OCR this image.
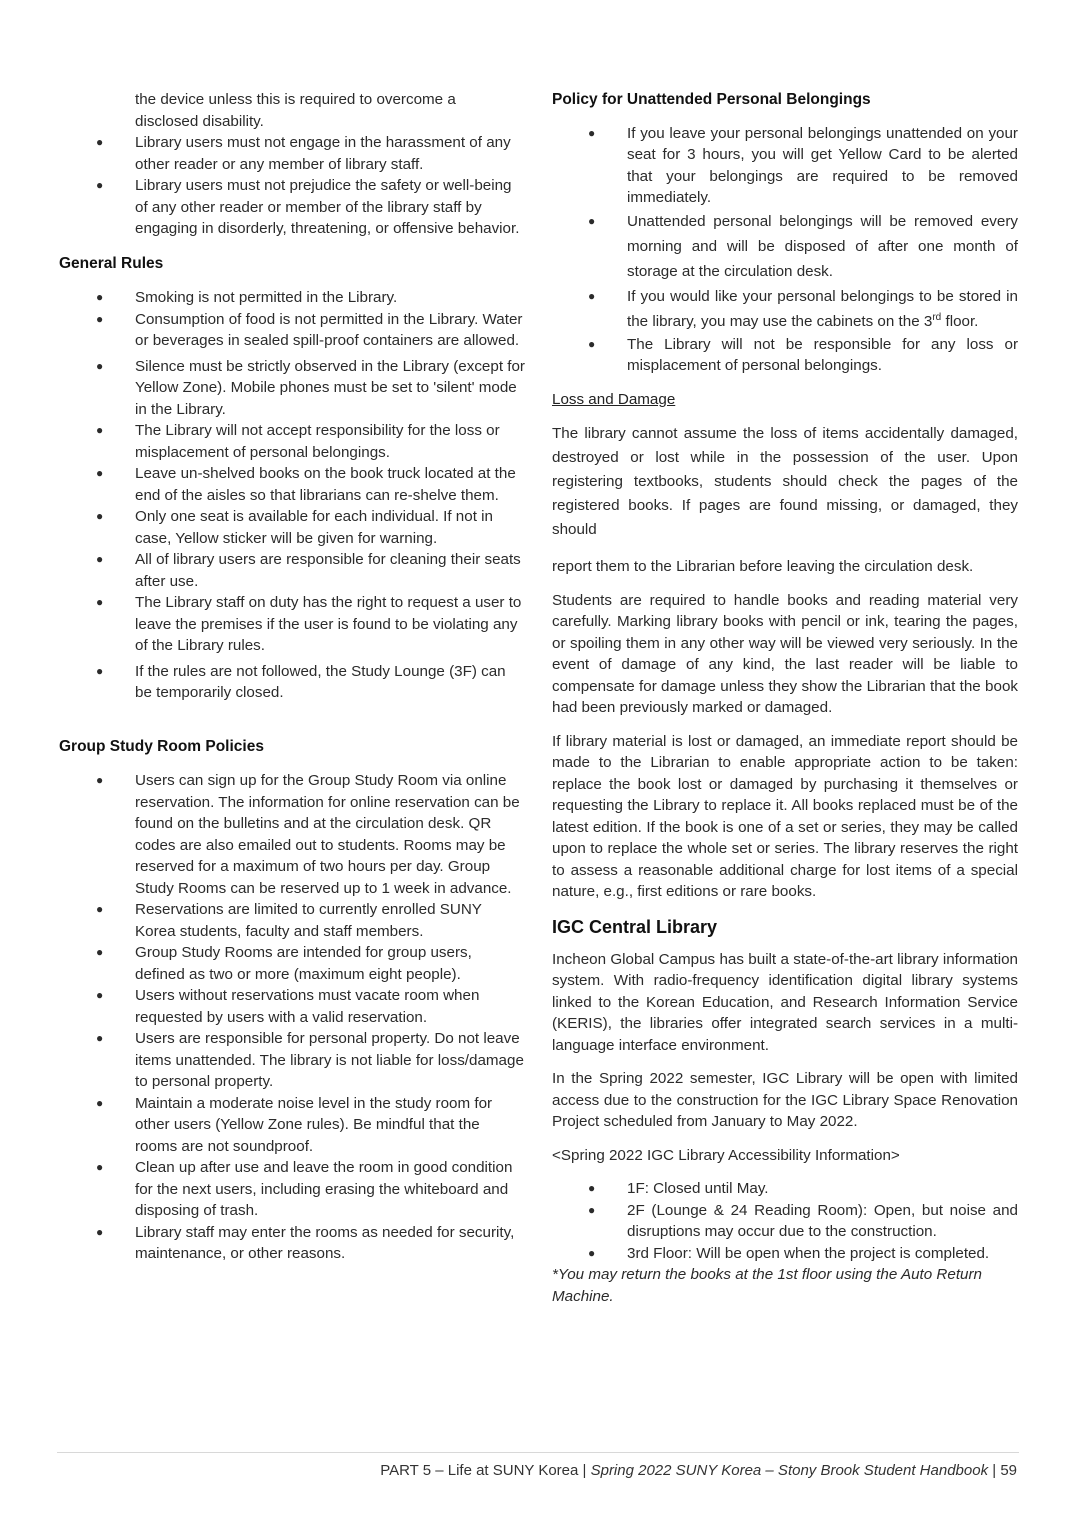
the device unless this is required to overcome a
disclosed disability.
● Library users must not engage in the harassment of any other reader or any member of library staff.
● Library users must not prejudice the safety or well-being of any other reader or member of the library staff by engaging in disorderly, threatening, or offensive behavior.
General Rules
● Smoking is not permitted in the Library.
● Consumption of food is not permitted in the Library. Water or beverages in sealed spill-proof containers are allowed.
● Silence must be strictly observed in the Library (except for Yellow Zone). Mobile phones must be set to 'silent' mode in the Library.
● The Library will not accept responsibility for the loss or misplacement of personal belongings.
● Leave un-shelved books on the book truck located at the end of the aisles so that librarians can re-shelve them.
● Only one seat is available for each individual. If not in case, Yellow sticker will be given for warning.
● All of library users are responsible for cleaning their seats after use.
● The Library staff on duty has the right to request a user to leave the premises if the user is found to be violating any of the Library rules.
● If the rules are not followed, the Study Lounge (3F) can be temporarily closed.
Group Study Room Policies
● Users can sign up for the Group Study Room via online reservation. The information for online reservation can be found on the bulletins and at the circulation desk. QR codes are also emailed out to students. Rooms may be reserved for a maximum of two hours per day. Group Study Rooms can be reserved up to 1 week in advance.
● Reservations are limited to currently enrolled SUNY Korea students, faculty and staff members.
● Group Study Rooms are intended for group users, defined as two or more (maximum eight people).
● Users without reservations must vacate room when requested by users with a valid reservation.
● Users are responsible for personal property. Do not leave items unattended. The library is not liable for loss/damage to personal property.
● Maintain a moderate noise level in the study room for other users (Yellow Zone rules). Be mindful that the rooms are not soundproof.
● Clean up after use and leave the room in good condition for the next users, including erasing the whiteboard and disposing of trash.
● Library staff may enter the rooms as needed for security, maintenance, or other reasons.
Policy for Unattended Personal Belongings
● If you leave your personal belongings unattended on your seat for 3 hours, you will get Yellow Card to be alerted that your belongings are required to be removed immediately.
● Unattended personal belongings will be removed every morning and will be disposed of after one month of storage at the circulation desk.
● If you would like your personal belongings to be stored in the library, you may use the cabinets on the 3rd floor.
● The Library will not be responsible for any loss or misplacement of personal belongings.
Loss and Damage

The library cannot assume the loss of items accidentally damaged, destroyed or lost while in the possession of the user. Upon registering textbooks, students should check the pages of the registered books. If pages are found missing, or damaged, they should

report them to the Librarian before leaving the circulation desk.

Students are required to handle books and reading material very carefully. Marking library books with pencil or ink, tearing the pages, or spoiling them in any other way will be viewed very seriously. In the event of damage of any kind, the last reader will be liable to compensate for damage unless they show the Librarian that the book had been previously marked or damaged.

If library material is lost or damaged, an immediate report should be made to the Librarian to enable appropriate action to be taken: replace the book lost or damaged by purchasing it themselves or requesting the Library to replace it. All books replaced must be of the latest edition. If the book is one of a set or series, they may be called upon to replace the whole set or series. The library reserves the right to assess a reasonable additional charge for lost items of a special nature, e.g., first editions or rare books.

IGC Central Library

Incheon Global Campus has built a state-of-the-art library information system. With radio-frequency identification digital library systems linked to the Korean Education, and Research Information Service (KERIS), the libraries offer integrated search services in a multi-language interface environment.

In the Spring 2022 semester, IGC Library will be open with limited access due to the construction for the IGC Library Space Renovation Project scheduled from January to May 2022.

<Spring 2022 IGC Library Accessibility Information>

● 1F: Closed until May.
● 2F (Lounge & 24 Reading Room): Open, but noise and disruptions may occur due to the construction.
● 3rd Floor: Will be open when the project is completed.

*You may return the books at the 1st floor using the Auto Return Machine.

PART 5 – Life at SUNY Korea | Spring 2022 SUNY Korea – Stony Brook Student Handbook | 59
